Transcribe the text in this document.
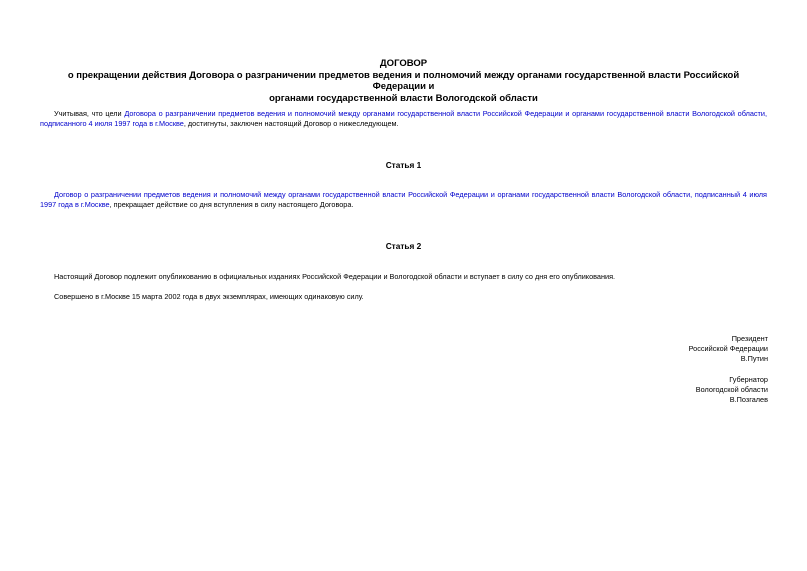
ДОГОВОР
о прекращении действия Договора о разграничении предметов ведения и полномочий между органами государственной власти Российской Федерации и
органами государственной власти Вологодской области
Учитывая, что цели Договора о разграничении предметов ведения и полномочий между органами государственной власти Российской Федерации и органами государственной власти Вологодской области, подписанного 4 июля 1997 года в г.Москве, достигнуты, заключен настоящий Договор о нижеследующем.
Статья 1
Договор о разграничении предметов ведения и полномочий между органами государственной власти Российской Федерации и органами государственной власти Вологодской области, подписанный 4 июля 1997 года в г.Москве, прекращает действие со дня вступления в силу настоящего Договора.
Статья 2
Настоящий Договор подлежит опубликованию в официальных изданиях Российской Федерации и Вологодской области и вступает в силу со дня его опубликования.
Совершено в г.Москве 15 марта 2002 года в двух экземплярах, имеющих одинаковую силу.
Президент
Российской Федерации
В.Путин
Губернатор
Вологодской области
В.Позгалев
